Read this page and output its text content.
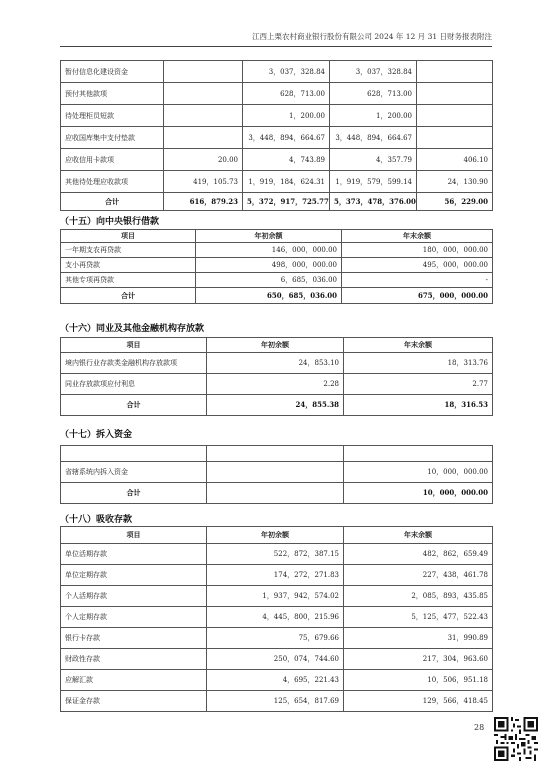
江西上栗农村商业银行股份有限公司 2024 年 12 月 31 日财务报表附注
暂付信息化建设资金		3，037，328.84	3，037，328.84	
预付其他款项		628，713.00	628，713.00	
待处理柜员短款		1，200.00	1，200.00	
应收国库集中支付垫款		3，448，894，664.67	3，448，894，664.67	
应收信用卡款项	20.00	4，743.89	4，357.79	406.10
其他待处理应收款项	419，105.73	1，919，184，624.31	1，919，579，599.14	24，130.90
合计	616，879.23	5，372，917，725.77	5，373，478，376.00	56，229.00
（十五）向中央银行借款
项目	年初余额	年末余额
一年期支农再贷款	146，000，000.00	180，000，000.00
支小再贷款	498，000，000.00	495，000，000.00
其他专项再贷款	6，685，036.00	-
合计	650，685，036.00	675，000，000.00
（十六）同业及其他金融机构存放款
项目	年初余额	年末余额
境内银行业存款类金融机构存放款项	24，853.10	18，313.76
同业存放款项应付利息	2.28	2.77
合计	24，855.38	18，316.53
（十七）拆入资金

省辖系统内拆入资金		10，000，000.00
合计		10，000，000.00
（十八）吸收存款
项目	年初余额	年末余额
单位活期存款	522，872，387.15	482，862，659.49
单位定期存款	174，272，271.83	227，438，461.78
个人活期存款	1，937，942，574.02	2，085，893，435.85
个人定期存款	4，445，800，215.96	5，125，477，522.43
银行卡存款	75，679.66	31，990.89
财政性存款	250，074，744.60	217，304，963.60
应解汇款	4，695，221.43	10，506，951.18
保证金存款	125，654，817.69	129，566，418.45
28
